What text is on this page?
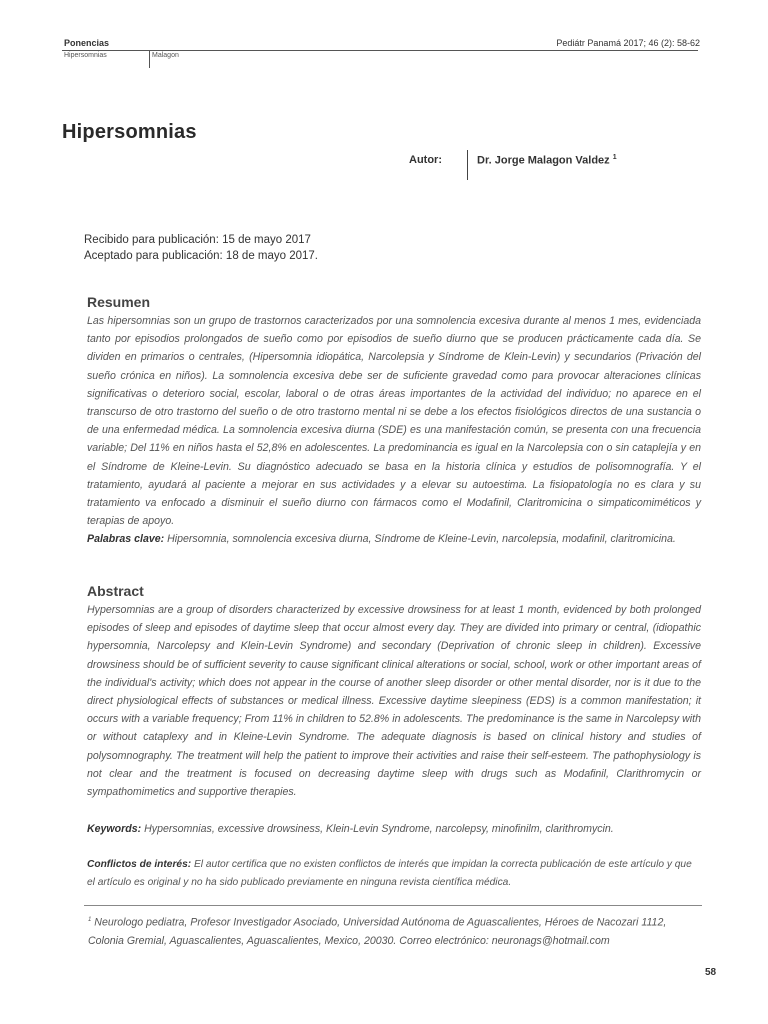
Ponencias	Pediátr Panamá 2017; 46 (2): 58-62
Hipersomnias	Malagon
Hipersomnias
Autor:	Dr. Jorge Malagon Valdez $^1$
Recibido para publicación: 15 de mayo 2017
Aceptado para publicación: 18 de mayo 2017.
Resumen
Las hipersomnias son un grupo de trastornos caracterizados por una somnolencia excesiva durante al menos 1 mes, evidenciada tanto por episodios prolongados de sueño como por episodios de sueño diurno que se producen prácticamente cada día. Se dividen en primarios o centrales, (Hipersomnia idiopática, Narcolepsia y Síndrome de Klein-Levin) y secundarios (Privación del sueño crónica en niños). La somnolencia excesiva debe ser de suficiente gravedad como para provocar alteraciones clínicas significativas o deterioro social, escolar, laboral o de otras áreas importantes de la actividad del individuo; no aparece en el transcurso de otro trastorno del sueño o de otro trastorno mental ni se debe a los efectos fisiológicos directos de una sustancia o de una enfermedad médica. La somnolencia excesiva diurna (SDE) es una manifestación común, se presenta con una frecuencia variable; Del 11% en niños hasta el 52,8% en adolescentes. La predominancia es igual en la Narcolepsia con o sin cataplejía y en el Síndrome de Kleine-Levin. Su diagnóstico adecuado se basa en la historia clínica y estudios de polisomnografía. Y el tratamiento, ayudará al paciente a mejorar en sus actividades y a elevar su autoestima. La fisiopatología no es clara y su tratamiento va enfocado a disminuir el sueño diurno con fármacos como el Modafinil, Claritromicina o simpaticomiméticos y terapias de apoyo.
Palabras clave: Hipersomnia, somnolencia excesiva diurna, Síndrome de Kleine-Levin, narcolepsia, modafinil, claritromicina.
Abstract
Hypersomnias are a group of disorders characterized by excessive drowsiness for at least 1 month, evidenced by both prolonged episodes of sleep and episodes of daytime sleep that occur almost every day. They are divided into primary or central, (idiopathic hypersomnia, Narcolepsy and Klein-Levin Syndrome) and secondary (Deprivation of chronic sleep in children). Excessive drowsiness should be of sufficient severity to cause significant clinical alterations or social, school, work or other important areas of the individual's activity; which does not appear in the course of another sleep disorder or other mental disorder, nor is it due to the direct physiological effects of substances or medical illness. Excessive daytime sleepiness (EDS) is a common manifestation; it occurs with a variable frequency; From 11% in children to 52.8% in adolescents. The predominance is the same in Narcolepsy with or without cataplexy and in Kleine-Levin Syndrome. The adequate diagnosis is based on clinical history and studies of polysomnography. The treatment will help the patient to improve their activities and raise their self-esteem. The pathophysiology is not clear and the treatment is focused on decreasing daytime sleep with drugs such as Modafinil, Clarithromycin or sympathomimetics and supportive therapies.
Keywords: Hypersomnias, excessive drowsiness, Klein-Levin Syndrome, narcolepsy, minofinilm, clarithromycin.
Conflictos de interés: El autor certifica que no existen conflictos de interés que impidan la correcta publicación de este artículo y que el artículo es original y no ha sido publicado previamente en ninguna revista científica médica.
$^1$ Neurologo pediatra, Profesor Investigador Asociado, Universidad Autónoma de Aguascalientes, Héroes de Nacozari 1112, Colonia Gremial, Aguascalientes, Aguascalientes, Mexico, 20030. Correo electrónico: neuronags@hotmail.com
58
